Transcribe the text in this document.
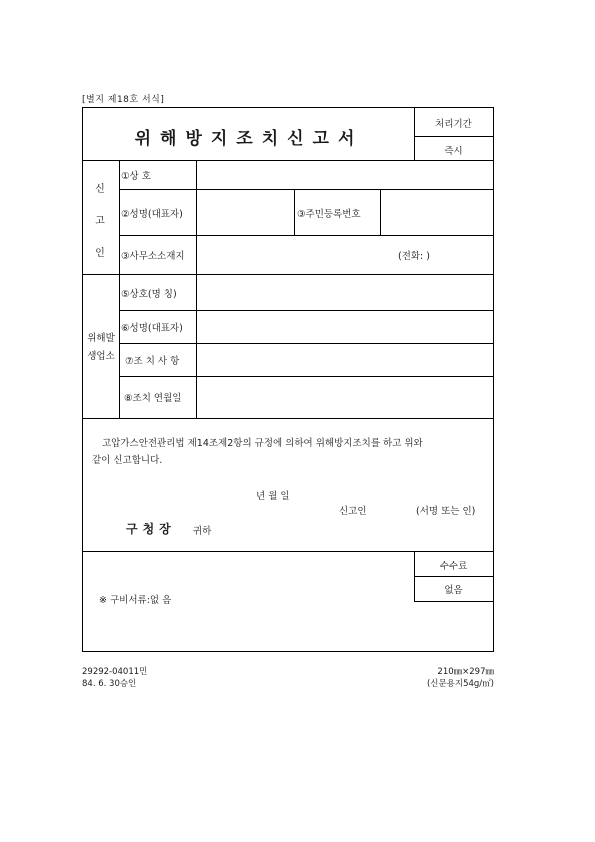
[별지 제18호 서식]
위해방지조치신고서
처리기간
즉시
신
고
인
①상 호
②성명(대표자)	③주민등록번호
③사무소소재지	(전화: )
위해발
생업소
⑤상호(명 칭)
⑥성명(대표자)
⑦조 치 사 항
⑧조치 연월일
고압가스안전관리법 제14조제2항의 규정에 의하여 위해방지조치를 하고 위와
같이 신고합니다.
년 월 일
신고인	(서명 또는 인)
구청장 귀하
수수료
없음
※ 구비서류:없 음
29292-04011민
84. 6. 30승인
210㎜×297㎜
(신문용지54g/㎡)
